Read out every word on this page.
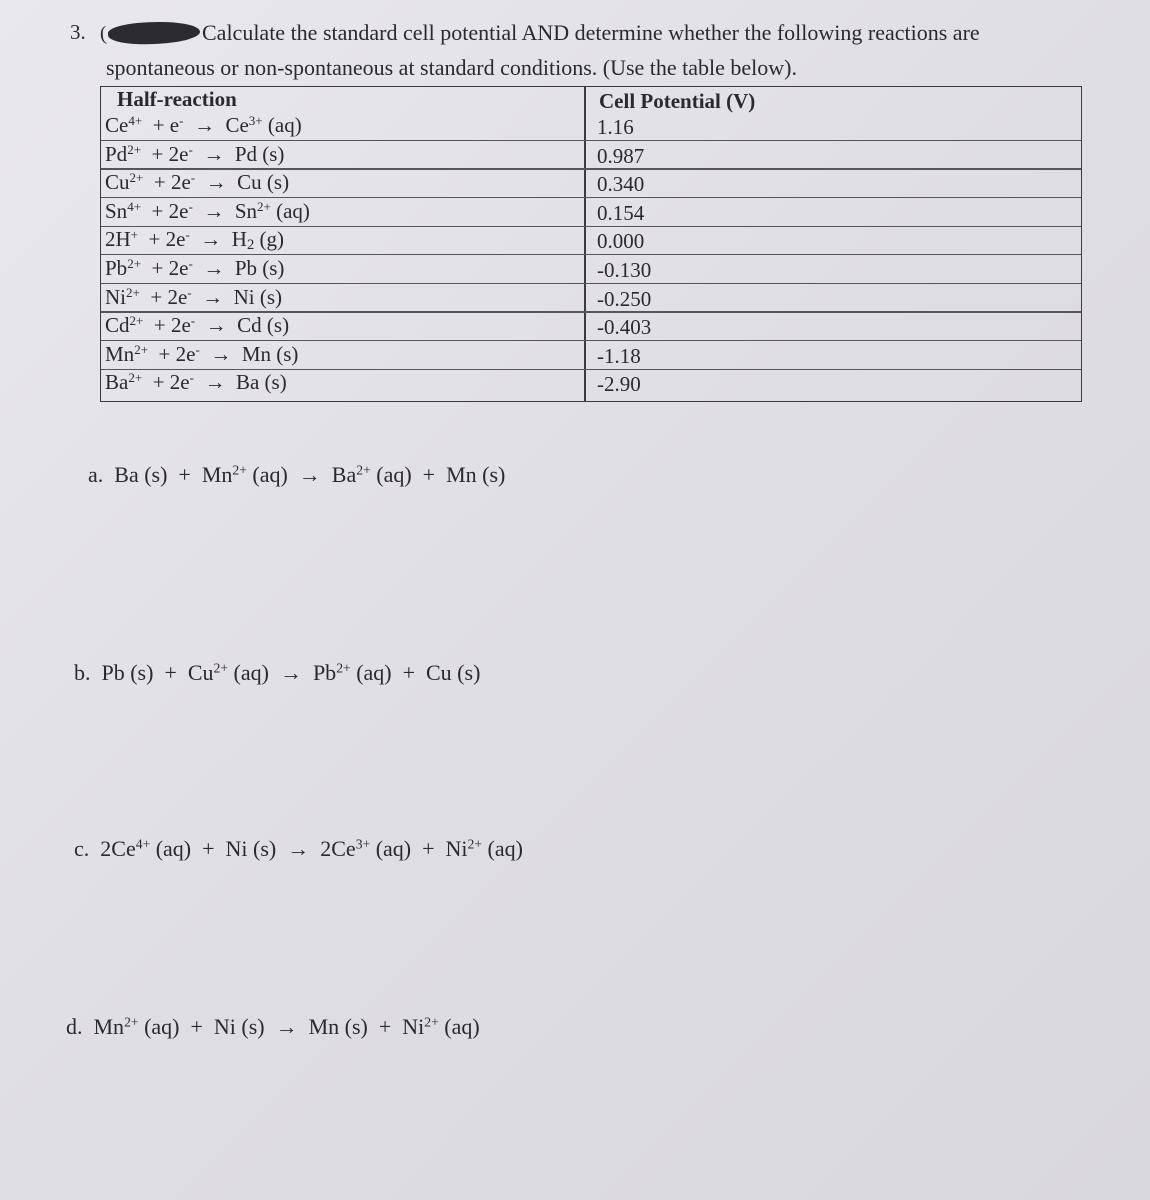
3.
(	Calculate the standard cell potential AND determine whether the following reactions are
spontaneous or non-spontaneous at standard conditions. (Use the table below).
Half-reaction	Cell Potential (V)
$Ce^{4+} + e^- \to Ce^{3+}$ (aq)	1.16
$Pd^{2+} + 2e^- \to Pd$ (s)	0.987
$Cu^{2+} + 2e^- \to Cu$ (s)	0.340
$Sn^{4+} + 2e^- \to Sn^{2+}$ (aq)	0.154
$2H^+ + 2e^- \to H_2$ (g)	0.000
$Pb^{2+} + 2e^- \to Pb$ (s)	-0.130
$Ni^{2+} + 2e^- \to Ni$ (s)	-0.250
$Cd^{2+} + 2e^- \to Cd$ (s)	-0.403
$Mn^{2+} + 2e^- \to Mn$ (s)	-1.18
$Ba^{2+} + 2e^- \to Ba$ (s)	-2.90
a.  Ba $(s) + Mn^{2+}$ $(aq) \to Ba^{2+}$ (aq)  +  Mn (s)
b.  Pb $(s) + Cu^{2+}$ $(aq) \to Pb^{2+}$ (aq)  +  Cu (s)
c.  $2Ce^{4+}$ (aq)  +  Ni $(s) \to 2Ce^{3+}$ $(aq) + Ni^{2+}$ (aq)
d.  $Mn^{2+}$ (aq)  +  Ni (s)  →  Mn $(s) + Ni^{2+}$ (aq)
